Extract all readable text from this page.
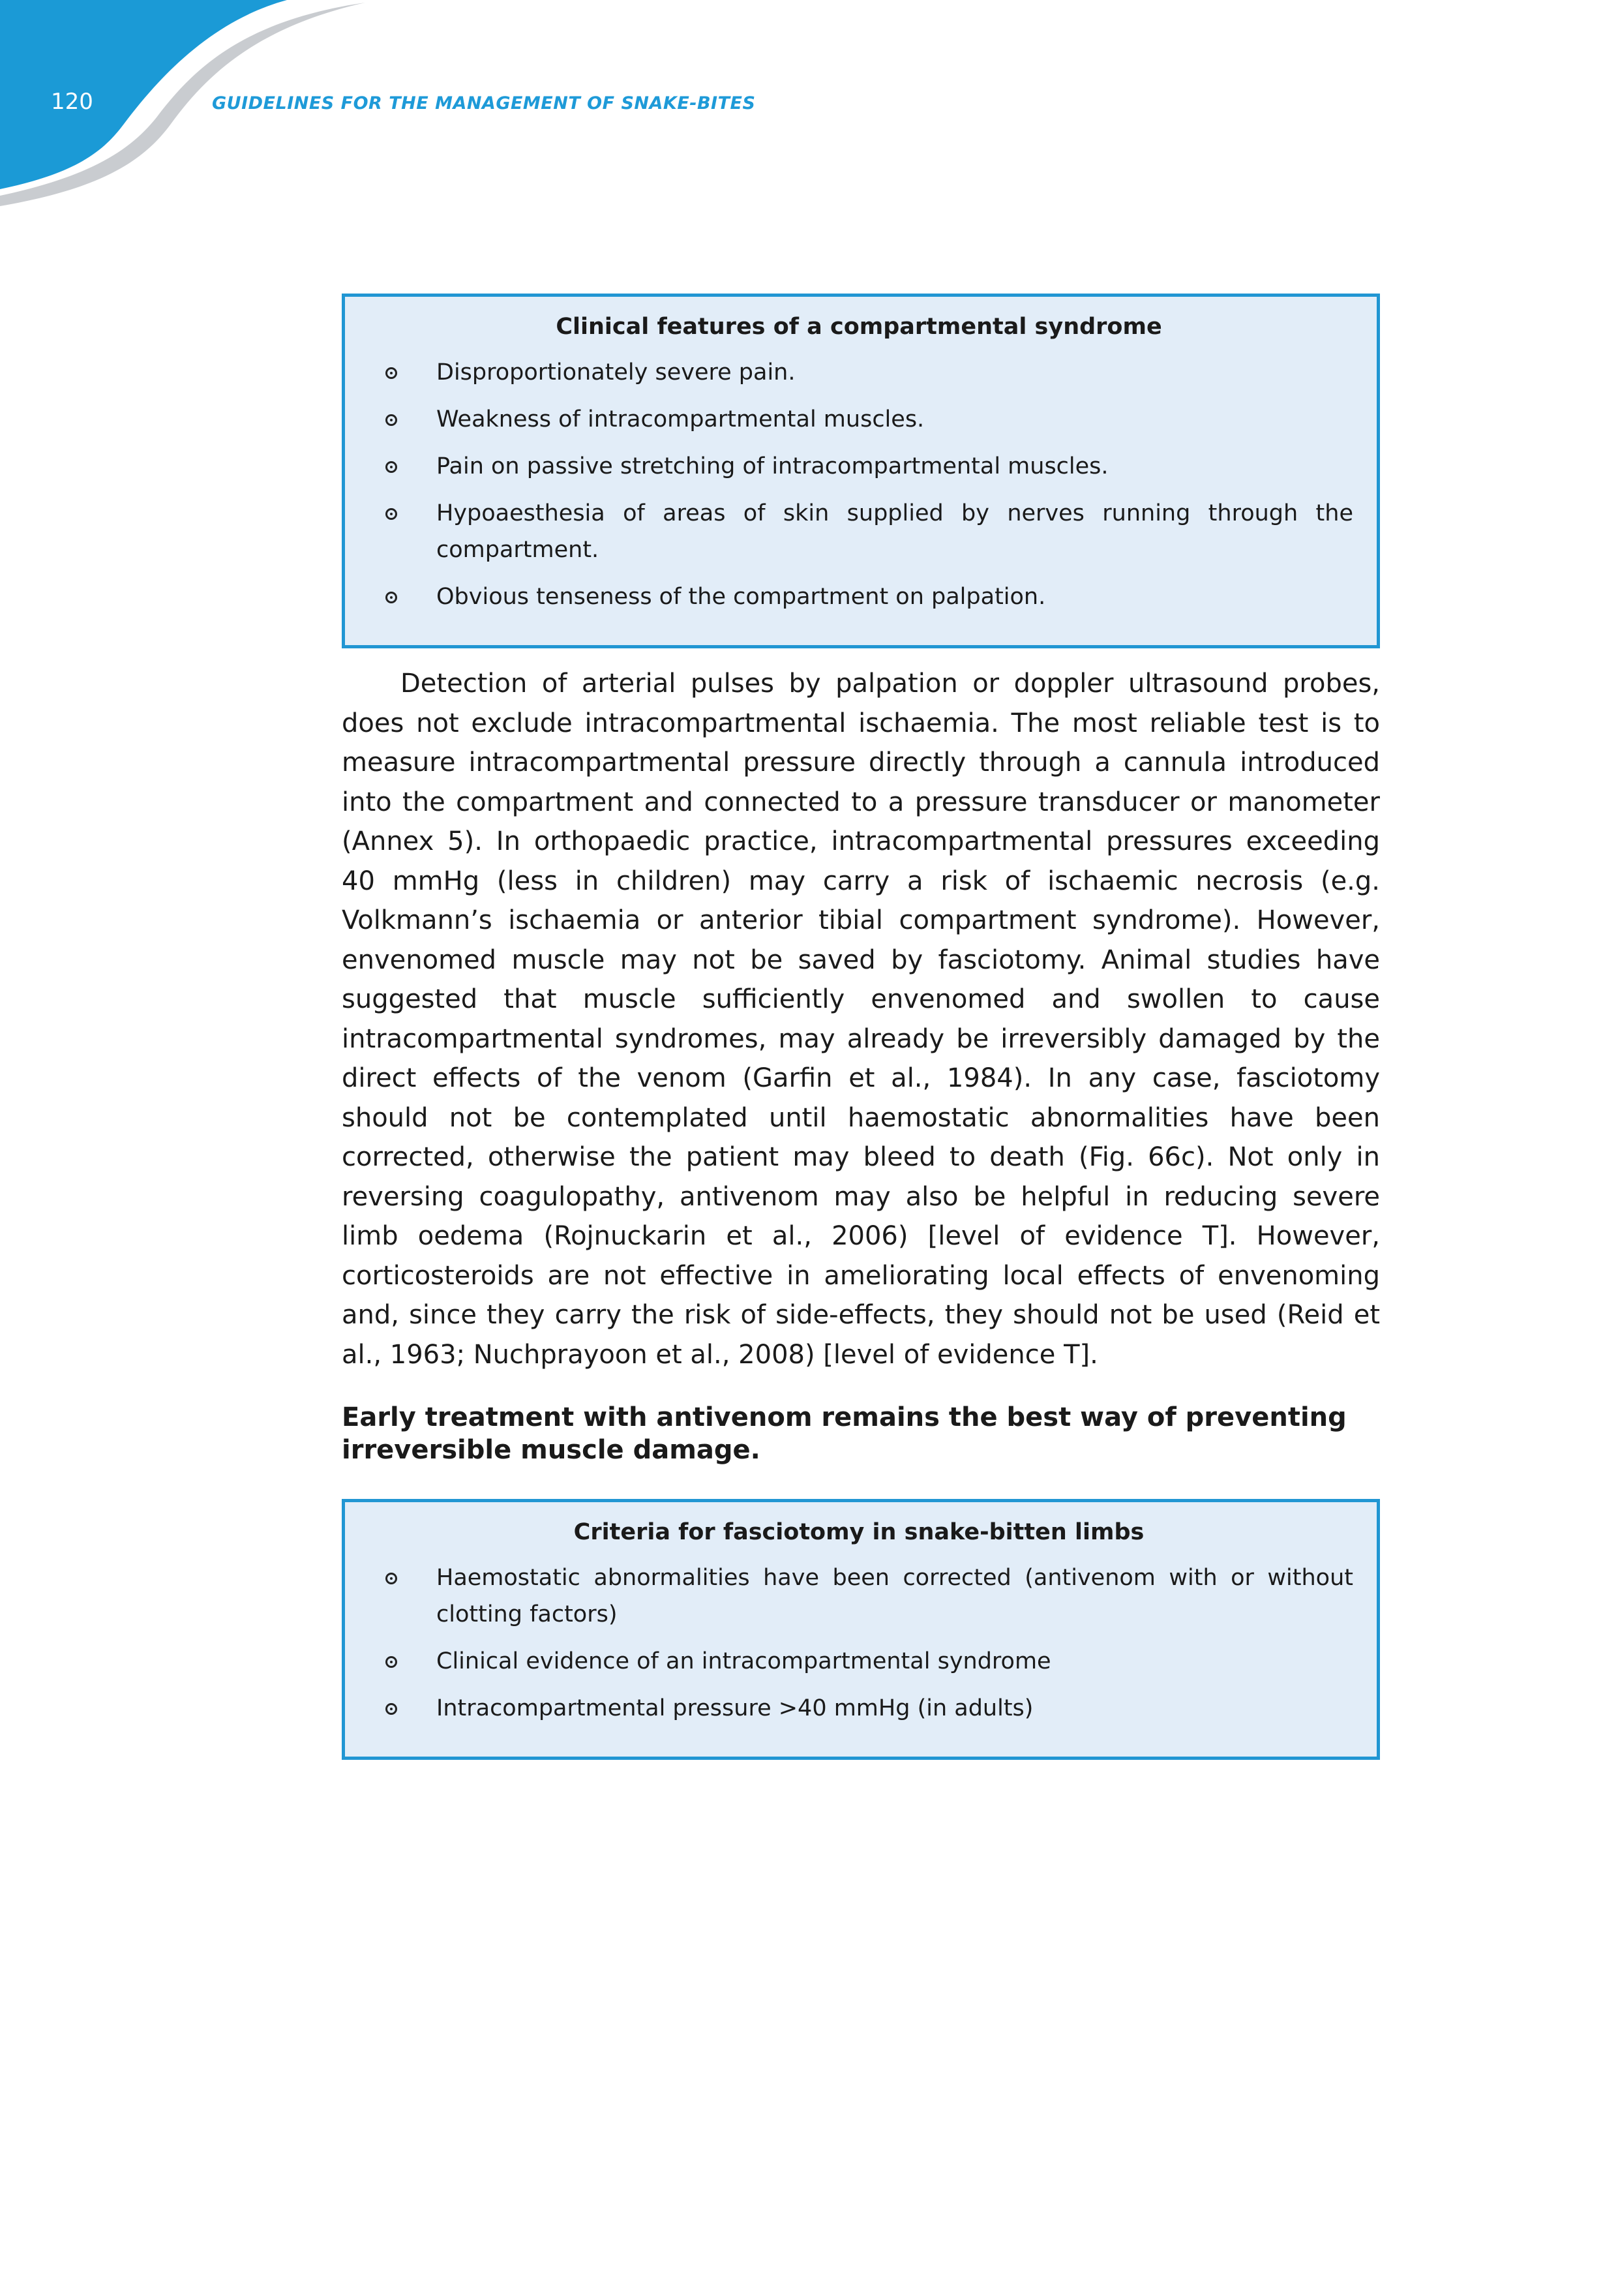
120	GUIDELINES FOR THE MANAGEMENT OF SNAKE-BITES
Clinical features of a compartmental syndrome
Disproportionately severe pain.
Weakness of intracompartmental muscles.
Pain on passive stretching of intracompartmental muscles.
Hypoaesthesia of areas of skin supplied by nerves running through the compartment.
Obvious tenseness of the compartment on palpation.

Detection of arterial pulses by palpation or doppler ultrasound probes, does not exclude intracompartmental ischaemia. The most reliable test is to measure intracompartmental pressure directly through a cannula introduced into the compartment and connected to a pressure transducer or manometer (Annex 5). In orthopaedic practice, intracompartmental pressures exceeding 40 mmHg (less in children) may carry a risk of ischaemic necrosis (e.g. Volkmann’s ischaemia or anterior tibial compartment syndrome). However, envenomed muscle may not be saved by fasciotomy. Animal studies have suggested that muscle sufficiently envenomed and swollen to cause intracompartmental syndromes, may already be irreversibly damaged by the direct effects of the venom (Garfin et al., 1984). In any case, fasciotomy should not be contemplated until haemostatic abnormalities have been corrected, otherwise the patient may bleed to death (Fig. 66c). Not only in reversing coagulopathy, antivenom may also be helpful in reducing severe limb oedema (Rojnuckarin et al., 2006) [level of evidence T]. However, corticosteroids are not effective in ameliorating local effects of envenoming and, since they carry the risk of side-effects, they should not be used (Reid et al., 1963; Nuchprayoon et al., 2008) [level of evidence T].

Early treatment with antivenom remains the best way of preventing irreversible muscle damage.

Criteria for fasciotomy in snake-bitten limbs
Haemostatic abnormalities have been corrected (antivenom with or without clotting factors)
Clinical evidence of an intracompartmental syndrome
Intracompartmental pressure >40 mmHg (in adults)
